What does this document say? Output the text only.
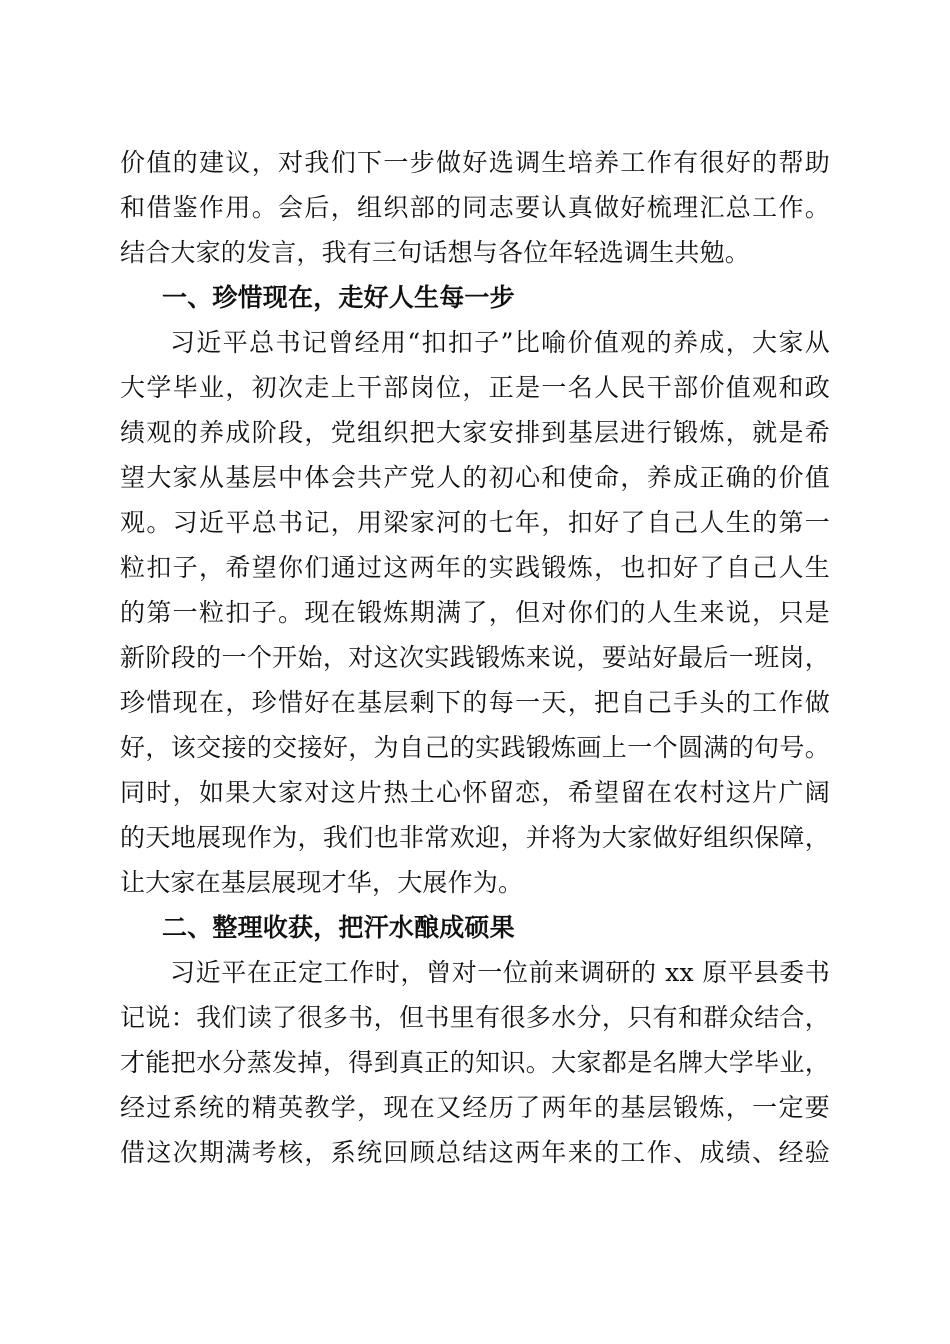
价值的建议，对我们下一步做好选调生培养工作有很好的帮助
和借鉴作用。会后，组织部的同志要认真做好梳理汇总工作。
结合大家的发言，我有三句话想与各位年轻选调生共勉。
一、珍惜现在，走好人生每一步
习近平总书记曾经用“扣扣子”比喻价值观的养成，大家从
大学毕业，初次走上干部岗位，正是一名人民干部价值观和政
绩观的养成阶段，党组织把大家安排到基层进行锻炼，就是希
望大家从基层中体会共产党人的初心和使命，养成正确的价值
观。习近平总书记，用梁家河的七年，扣好了自己人生的第一
粒扣子，希望你们通过这两年的实践锻炼，也扣好了自己人生
的第一粒扣子。现在锻炼期满了，但对你们的人生来说，只是
新阶段的一个开始，对这次实践锻炼来说，要站好最后一班岗，
珍惜现在，珍惜好在基层剩下的每一天，把自己手头的工作做
好，该交接的交接好，为自己的实践锻炼画上一个圆满的句号。
同时，如果大家对这片热土心怀留恋，希望留在农村这片广阔
的天地展现作为，我们也非常欢迎，并将为大家做好组织保障，
让大家在基层展现才华，大展作为。
二、整理收获，把汗水酿成硕果
习近平在正定工作时，曾对一位前来调研的 xx 原平县委书
记说：我们读了很多书，但书里有很多水分，只有和群众结合，
才能把水分蒸发掉，得到真正的知识。大家都是名牌大学毕业，
经过系统的精英教学，现在又经历了两年的基层锻炼，一定要
借这次期满考核，系统回顾总结这两年来的工作、成绩、经验
